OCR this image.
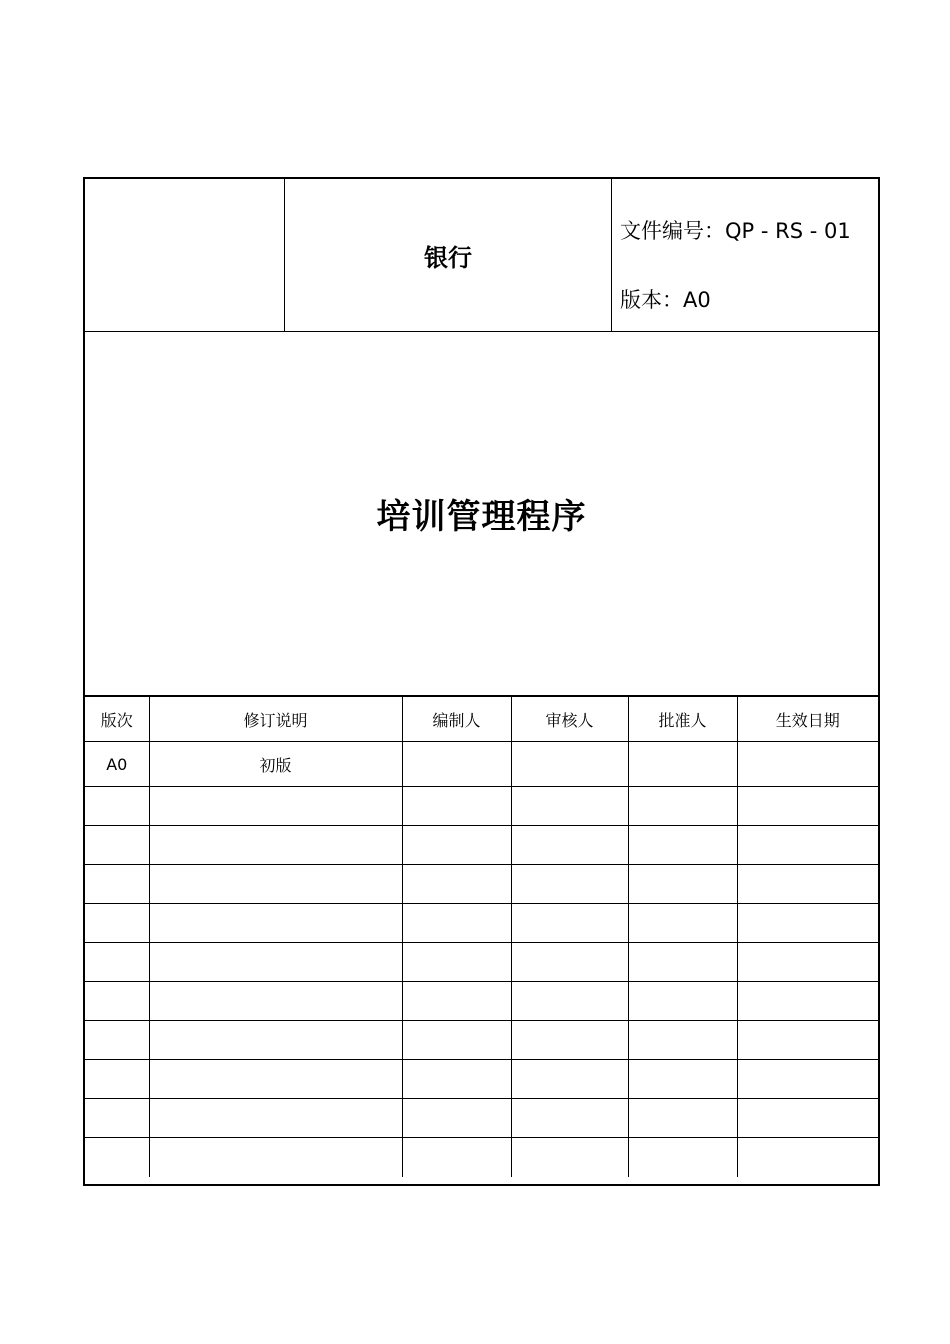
银行
文件编号：QP - RS - 01
版本：A0
培训管理程序
版次	修订说明	编制人	审核人	批准人	生效日期
A0	初版				
